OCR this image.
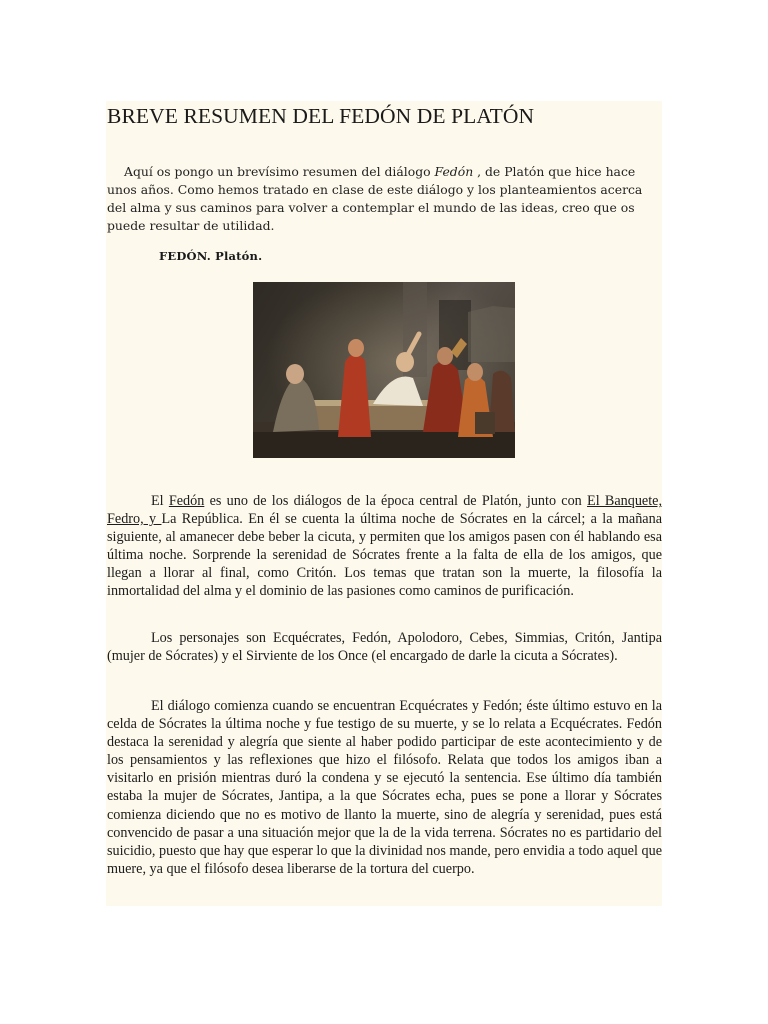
BREVE RESUMEN DEL FEDÓN DE PLATÓN

Aquí os pongo un brevísimo resumen del diálogo Fedón , de Platón que hice hace unos años. Como hemos tratado en clase de este diálogo y los planteamientos acerca del alma y sus caminos para volver a contemplar el mundo de las ideas, creo que os puede resultar de utilidad.

FEDÓN. Platón.

El Fedón es uno de los diálogos de la época central de Platón, junto con El Banquete, Fedro, y La República. En él se cuenta la última noche de Sócrates en la cárcel; a la mañana siguiente, al amanecer debe beber la cicuta, y permiten que los amigos pasen con él hablando esa última noche. Sorprende la serenidad de Sócrates frente a la falta de ella de los amigos, que llegan a llorar al final, como Critón. Los temas que tratan son la muerte, la filosofía la inmortalidad del alma y el dominio de las pasiones como caminos de purificación.

Los personajes son Ecquécrates, Fedón, Apolodoro, Cebes, Simmias, Critón, Jantipa (mujer de Sócrates) y el Sirviente de los Once (el encargado de darle la cicuta a Sócrates).

El diálogo comienza cuando se encuentran Ecquécrates y Fedón; éste último estuvo en la celda de Sócrates la última noche y fue testigo de su muerte, y se lo relata a Ecquécrates. Fedón destaca la serenidad y alegría que siente al haber podido participar de este acontecimiento y de los pensamientos y las reflexiones que hizo el filósofo. Relata que todos los amigos iban a visitarlo en prisión mientras duró la condena y se ejecutó la sentencia. Ese último día también estaba la mujer de Sócrates, Jantipa, a la que Sócrates echa, pues se pone a llorar y Sócrates comienza diciendo que no es motivo de llanto la muerte, sino de alegría y serenidad, pues está convencido de pasar a una situación mejor que la de la vida terrena. Sócrates no es partidario del suicidio, puesto que hay que esperar lo que la divinidad nos mande, pero envidia a todo aquel que muere, ya que el filósofo desea liberarse de la tortura del cuerpo.
